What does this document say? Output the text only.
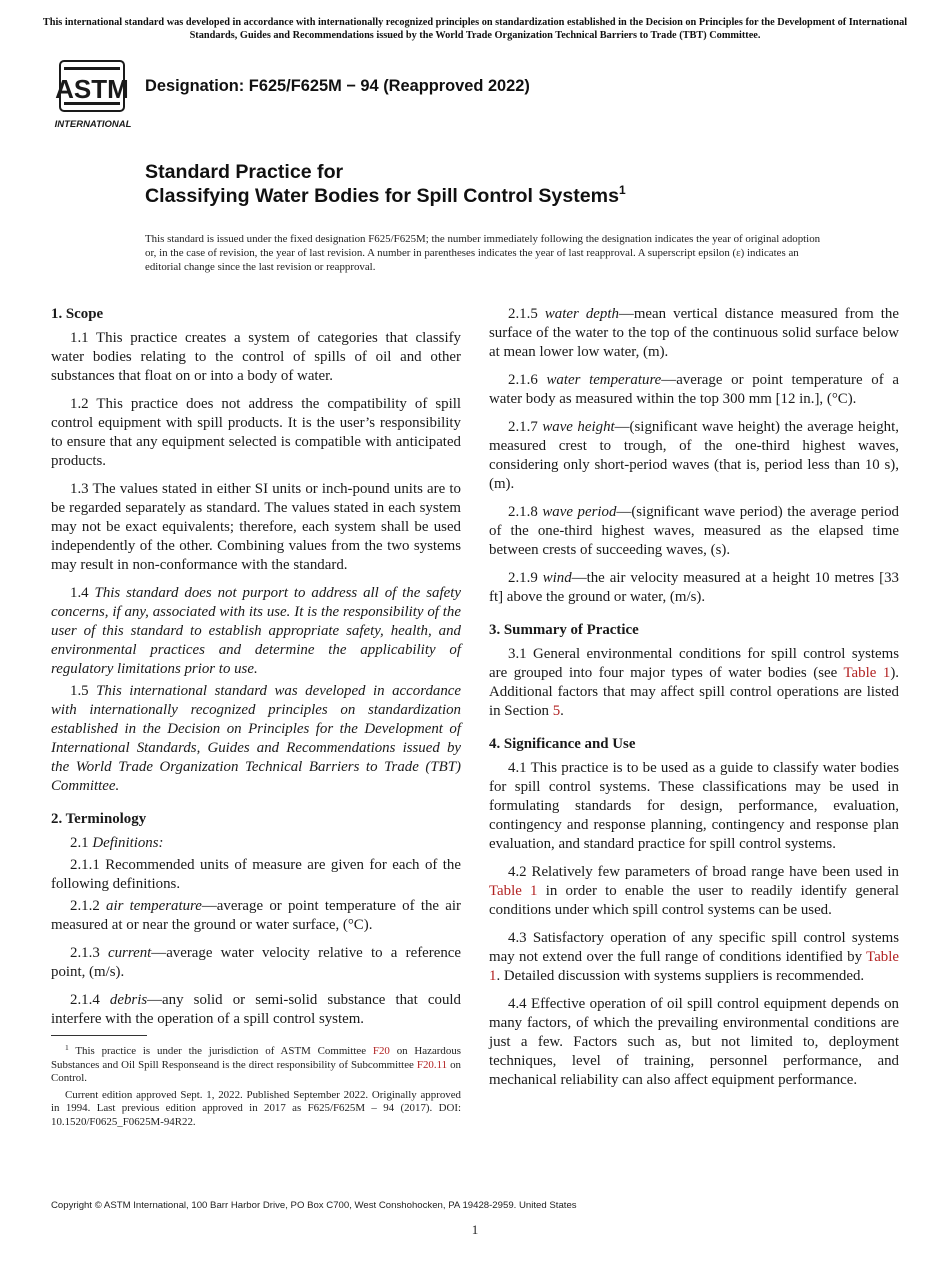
This international standard was developed in accordance with internationally recognized principles on standardization established in the Decision on Principles for the Development of International Standards, Guides and Recommendations issued by the World Trade Organization Technical Barriers to Trade (TBT) Committee.
ASTM
INTERNATIONAL
Designation: F625/F625M − 94 (Reapproved 2022)
Standard Practice for
Classifying Water Bodies for Spill Control Systems$^1$
This standard is issued under the fixed designation F625/F625M; the number immediately following the designation indicates the year of original adoption or, in the case of revision, the year of last revision. A number in parentheses indicates the year of last reapproval. A superscript epsilon (ε) indicates an editorial change since the last revision or reapproval.
1. Scope

1.1 This practice creates a system of categories that classify water bodies relating to the control of spills of oil and other substances that float on or into a body of water.

1.2 This practice does not address the compatibility of spill control equipment with spill products. It is the user’s responsibility to ensure that any equipment selected is compatible with anticipated products.

1.3 The values stated in either SI units or inch-pound units are to be regarded separately as standard. The values stated in each system may not be exact equivalents; therefore, each system shall be used independently of the other. Combining values from the two systems may result in non-conformance with the standard.

1.4 This standard does not purport to address all of the safety concerns, if any, associated with its use. It is the responsibility of the user of this standard to establish appropriate safety, health, and environmental practices and determine the applicability of regulatory limitations prior to use.

1.5 This international standard was developed in accordance with internationally recognized principles on standardization established in the Decision on Principles for the Development of International Standards, Guides and Recommendations issued by the World Trade Organization Technical Barriers to Trade (TBT) Committee.

2. Terminology

2.1 Definitions:

2.1.1 Recommended units of measure are given for each of the following definitions.

2.1.2 air temperature—average or point temperature of the air measured at or near the ground or water surface, (°C).

2.1.3 current—average water velocity relative to a reference point, (m/s).

2.1.4 debris—any solid or semi-solid substance that could interfere with the operation of a spill control system.

2.1.5 water depth—mean vertical distance measured from the surface of the water to the top of the continuous solid surface below at mean lower low water, (m).

2.1.6 water temperature—average or point temperature of a water body as measured within the top 300 mm [12 in.], (°C).

2.1.7 wave height—(significant wave height) the average height, measured crest to trough, of the one-third highest waves, considering only short-period waves (that is, period less than 10 s), (m).

2.1.8 wave period—(significant wave period) the average period of the one-third highest waves, measured as the elapsed time between crests of succeeding waves, (s).

2.1.9 wind—the air velocity measured at a height 10 metres [33 ft] above the ground or water, (m/s).

3. Summary of Practice

3.1 General environmental conditions for spill control systems are grouped into four major types of water bodies (see Table 1). Additional factors that may affect spill control operations are listed in Section 5.

4. Significance and Use

4.1 This practice is to be used as a guide to classify water bodies for spill control systems. These classifications may be used in formulating standards for design, performance, evaluation, contingency and response planning, contingency and response plan evaluation, and standard practice for spill control systems.

4.2 Relatively few parameters of broad range have been used in Table 1 in order to enable the user to readily identify general conditions under which spill control systems can be used.

4.3 Satisfactory operation of any specific spill control systems may not extend over the full range of conditions identified by Table 1. Detailed discussion with systems suppliers is recommended.

4.4 Effective operation of oil spill control equipment depends on many factors, of which the prevailing environmental conditions are just a few. Factors such as, but not limited to, deployment techniques, level of training, personnel performance, and mechanical reliability can also affect equipment performance.

$^1$ This practice is under the jurisdiction of ASTM Committee F20 on Hazardous Substances and Oil Spill Responseand is the direct responsibility of Subcommittee F20.11 on Control.

Current edition approved Sept. 1, 2022. Published September 2022. Originally approved in 1994. Last previous edition approved in 2017 as F625/F625M – 94 (2017). DOI: 10.1520/F0625_F0625M-94R22.

Copyright © ASTM International, 100 Barr Harbor Drive, PO Box C700, West Conshohocken, PA 19428-2959. United States
1
